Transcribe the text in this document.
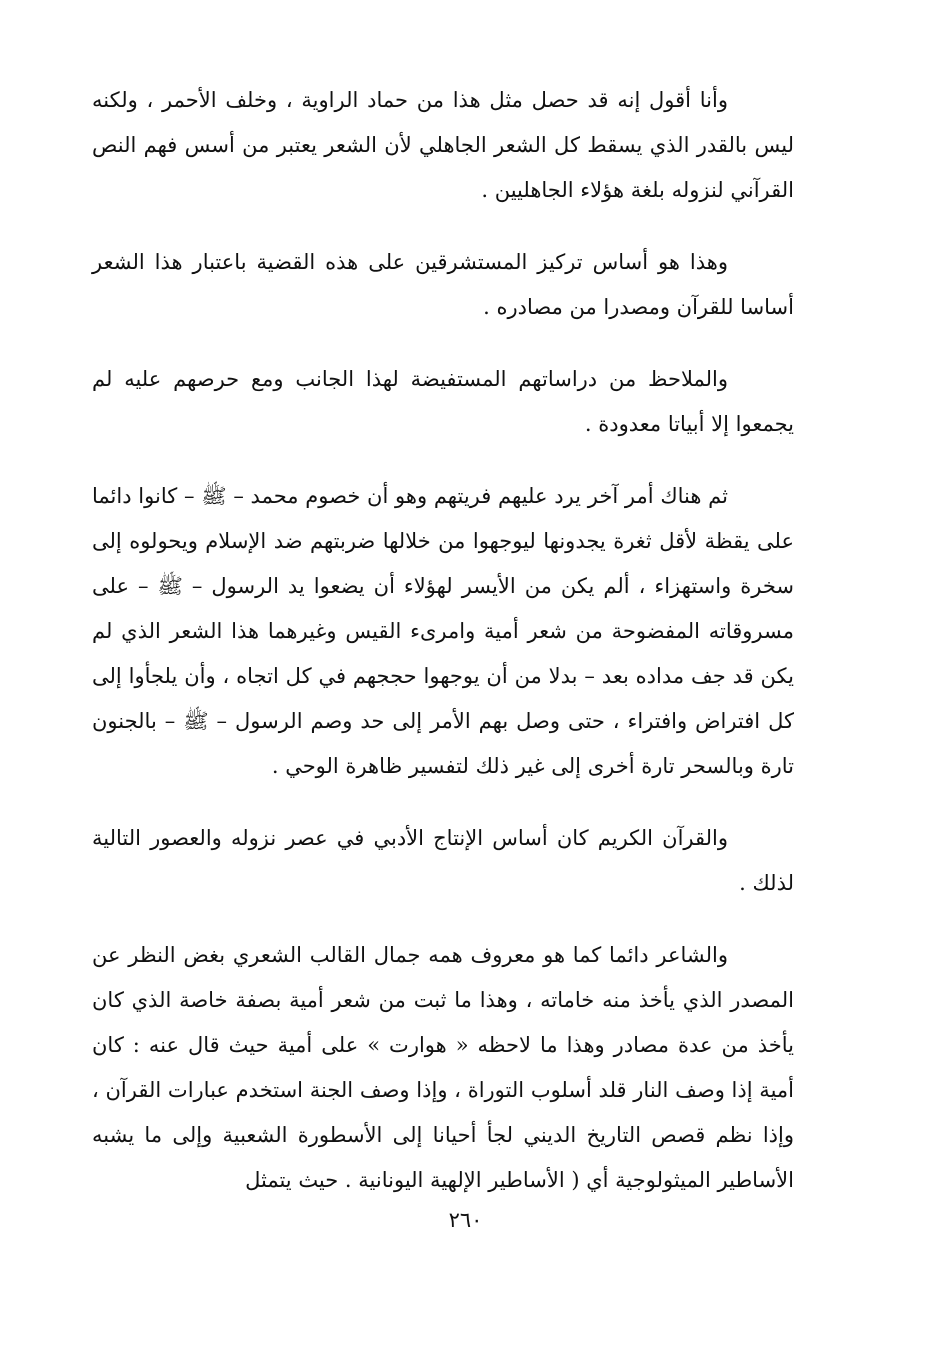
وأنا أقول إنه قد حصل مثل هذا من حماد الراوية ، وخلف الأحمر ، ولكنه ليس بالقدر الذي يسقط كل الشعر الجاهلي لأن الشعر يعتبر من أسس فهم النص القرآني لنزوله بلغة هؤلاء الجاهليين .

وهذا هو أساس تركيز المستشرقين على هذه القضية باعتبار هذا الشعر أساسا للقرآن ومصدرا من مصادره .

والملاحظ من دراساتهم المستفيضة لهذا الجانب ومع حرصهم عليه لم يجمعوا إلا أبياتا معدودة .

ثم هناك أمر آخر يرد عليهم فريتهم وهو أن خصوم محمد – ﷺ – كانوا دائما على يقظة لأقل ثغرة يجدونها ليوجهوا من خلالها ضربتهم ضد الإسلام ويحولوه إلى سخرة واستهزاء ، ألم يكن من الأيسر لهؤلاء أن يضعوا يد الرسول – ﷺ – على مسروقاته المفضوحة من شعر أمية وامرىء القيس وغيرهما هذا الشعر الذي لم يكن قد جف مداده بعد – بدلا من أن يوجهوا حججهم في كل اتجاه ، وأن يلجأوا إلى كل افتراض وافتراء ، حتى وصل بهم الأمر إلى حد وصم الرسول – ﷺ – بالجنون تارة وبالسحر تارة أخرى إلى غير ذلك لتفسير ظاهرة الوحي .

والقرآن الكريم كان أساس الإنتاج الأدبي في عصر نزوله والعصور التالية لذلك .

والشاعر دائما كما هو معروف همه جمال القالب الشعري بغض النظر عن المصدر الذي يأخذ منه خاماته ، وهذا ما ثبت من شعر أمية بصفة خاصة الذي كان يأخذ من عدة مصادر وهذا ما لاحظه « هوارت » على أمية حيث قال عنه : كان أمية إذا وصف النار قلد أسلوب التوراة ، وإذا وصف الجنة استخدم عبارات القرآن ، وإذا نظم قصص التاريخ الديني لجأ أحيانا إلى الأسطورة الشعبية وإلى ما يشبه الأساطير الميثولوجية أي ( الأساطير الإلهية اليونانية . حيث يتمثل

٢٦٠
